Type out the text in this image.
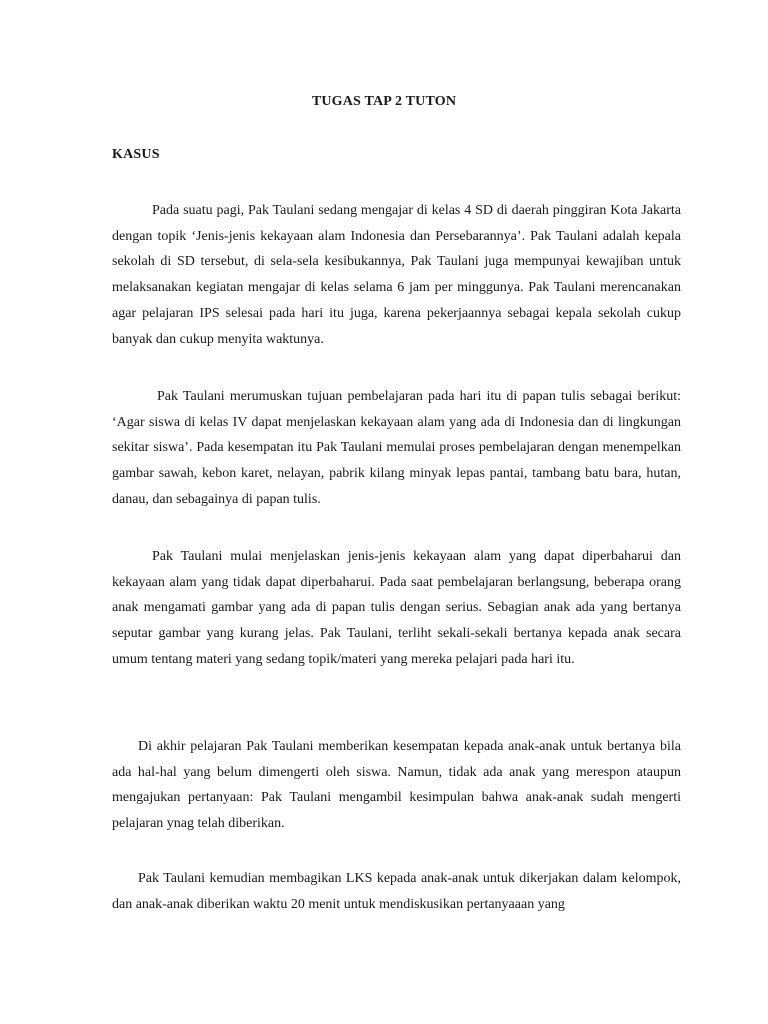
TUGAS TAP 2 TUTON
KASUS

Pada suatu pagi, Pak Taulani sedang mengajar di kelas 4 SD di daerah pinggiran Kota Jakarta dengan topik ‘Jenis-jenis kekayaan alam Indonesia dan Persebarannya’. Pak Taulani adalah kepala sekolah di SD tersebut, di sela-sela kesibukannya, Pak Taulani juga mempunyai kewajiban untuk melaksanakan kegiatan mengajar di kelas selama 6 jam per minggunya. Pak Taulani merencanakan agar pelajaran IPS selesai pada hari itu juga, karena pekerjaannya sebagai kepala sekolah cukup banyak dan cukup menyita waktunya.

Pak Taulani merumuskan tujuan pembelajaran pada hari itu di papan tulis sebagai berikut: ‘Agar siswa di kelas IV dapat menjelaskan kekayaan alam yang ada di Indonesia dan di lingkungan sekitar siswa’. Pada kesempatan itu Pak Taulani memulai proses pembelajaran dengan menempelkan gambar sawah, kebon karet, nelayan, pabrik kilang minyak lepas pantai, tambang batu bara, hutan, danau, dan sebagainya di papan tulis.

Pak Taulani mulai menjelaskan jenis-jenis kekayaan alam yang dapat diperbaharui dan kekayaan alam yang tidak dapat diperbaharui. Pada saat pembelajaran berlangsung, beberapa orang anak mengamati gambar yang ada di papan tulis dengan serius. Sebagian anak ada yang bertanya seputar gambar yang kurang jelas. Pak Taulani, terliht sekali-sekali bertanya kepada anak secara umum tentang materi yang sedang topik/materi yang mereka pelajari pada hari itu.

Di akhir pelajaran Pak Taulani memberikan kesempatan kepada anak-anak untuk bertanya bila ada hal-hal yang belum dimengerti oleh siswa. Namun, tidak ada anak yang merespon ataupun mengajukan pertanyaan: Pak Taulani mengambil kesimpulan bahwa anak-anak sudah mengerti pelajaran ynag telah diberikan.

Pak Taulani kemudian membagikan LKS kepada anak-anak untuk dikerjakan dalam kelompok, dan anak-anak diberikan waktu 20 menit untuk mendiskusikan pertanyaaan yang
